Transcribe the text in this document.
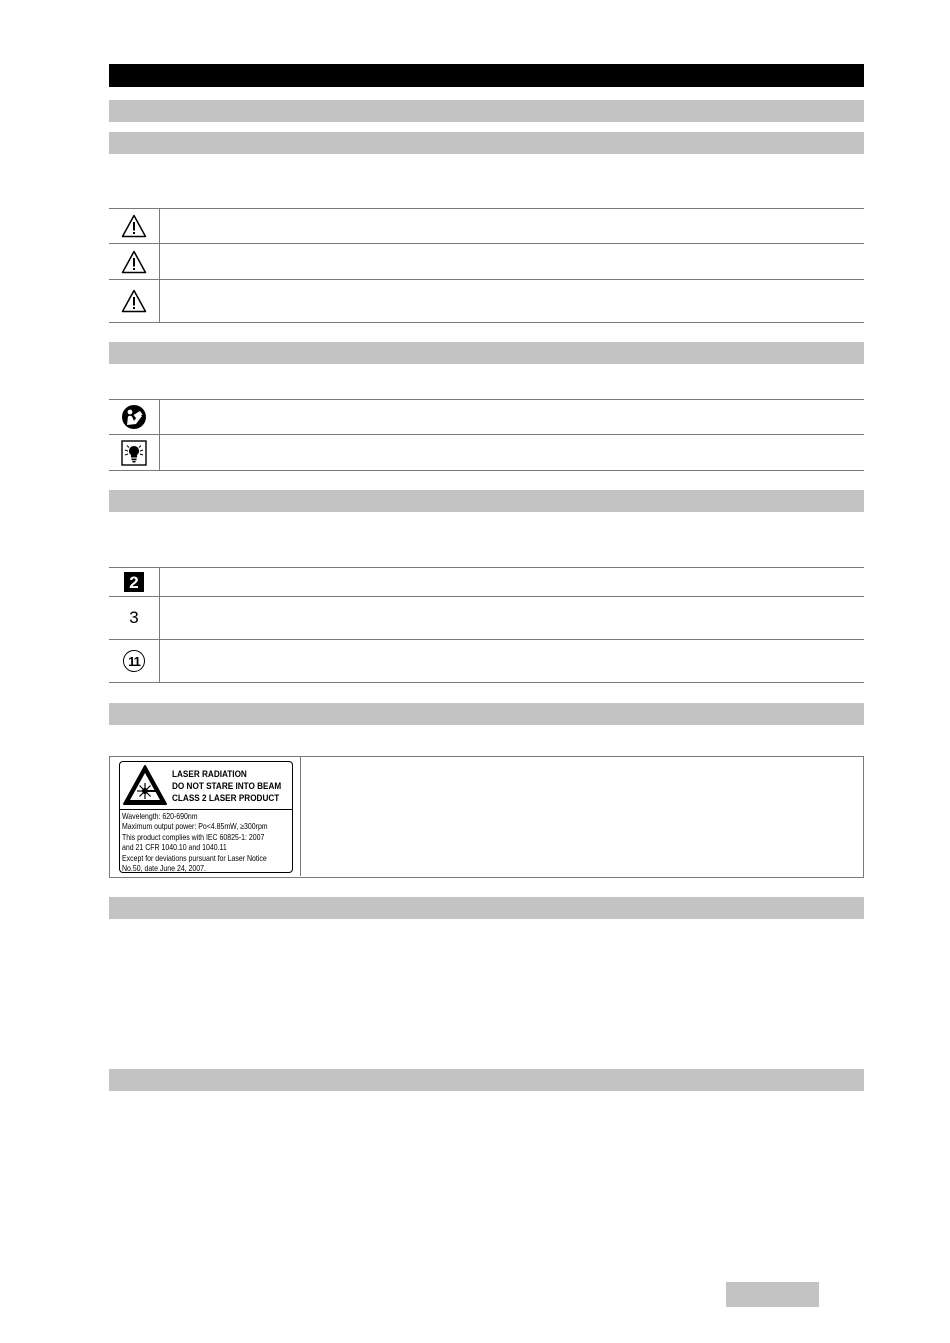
2
3
11
LASER RADIATION
DO NOT STARE INTO BEAM
CLASS 2 LASER PRODUCT
Wavelength: 620-690nm
Maximum output power: Po<4.85mW, ≥300rpm
This product complies with IEC 60825-1: 2007
and 21 CFR 1040.10 and 1040.11
Except for deviations pursuant for Laser Notice
No.50, date June 24, 2007.
